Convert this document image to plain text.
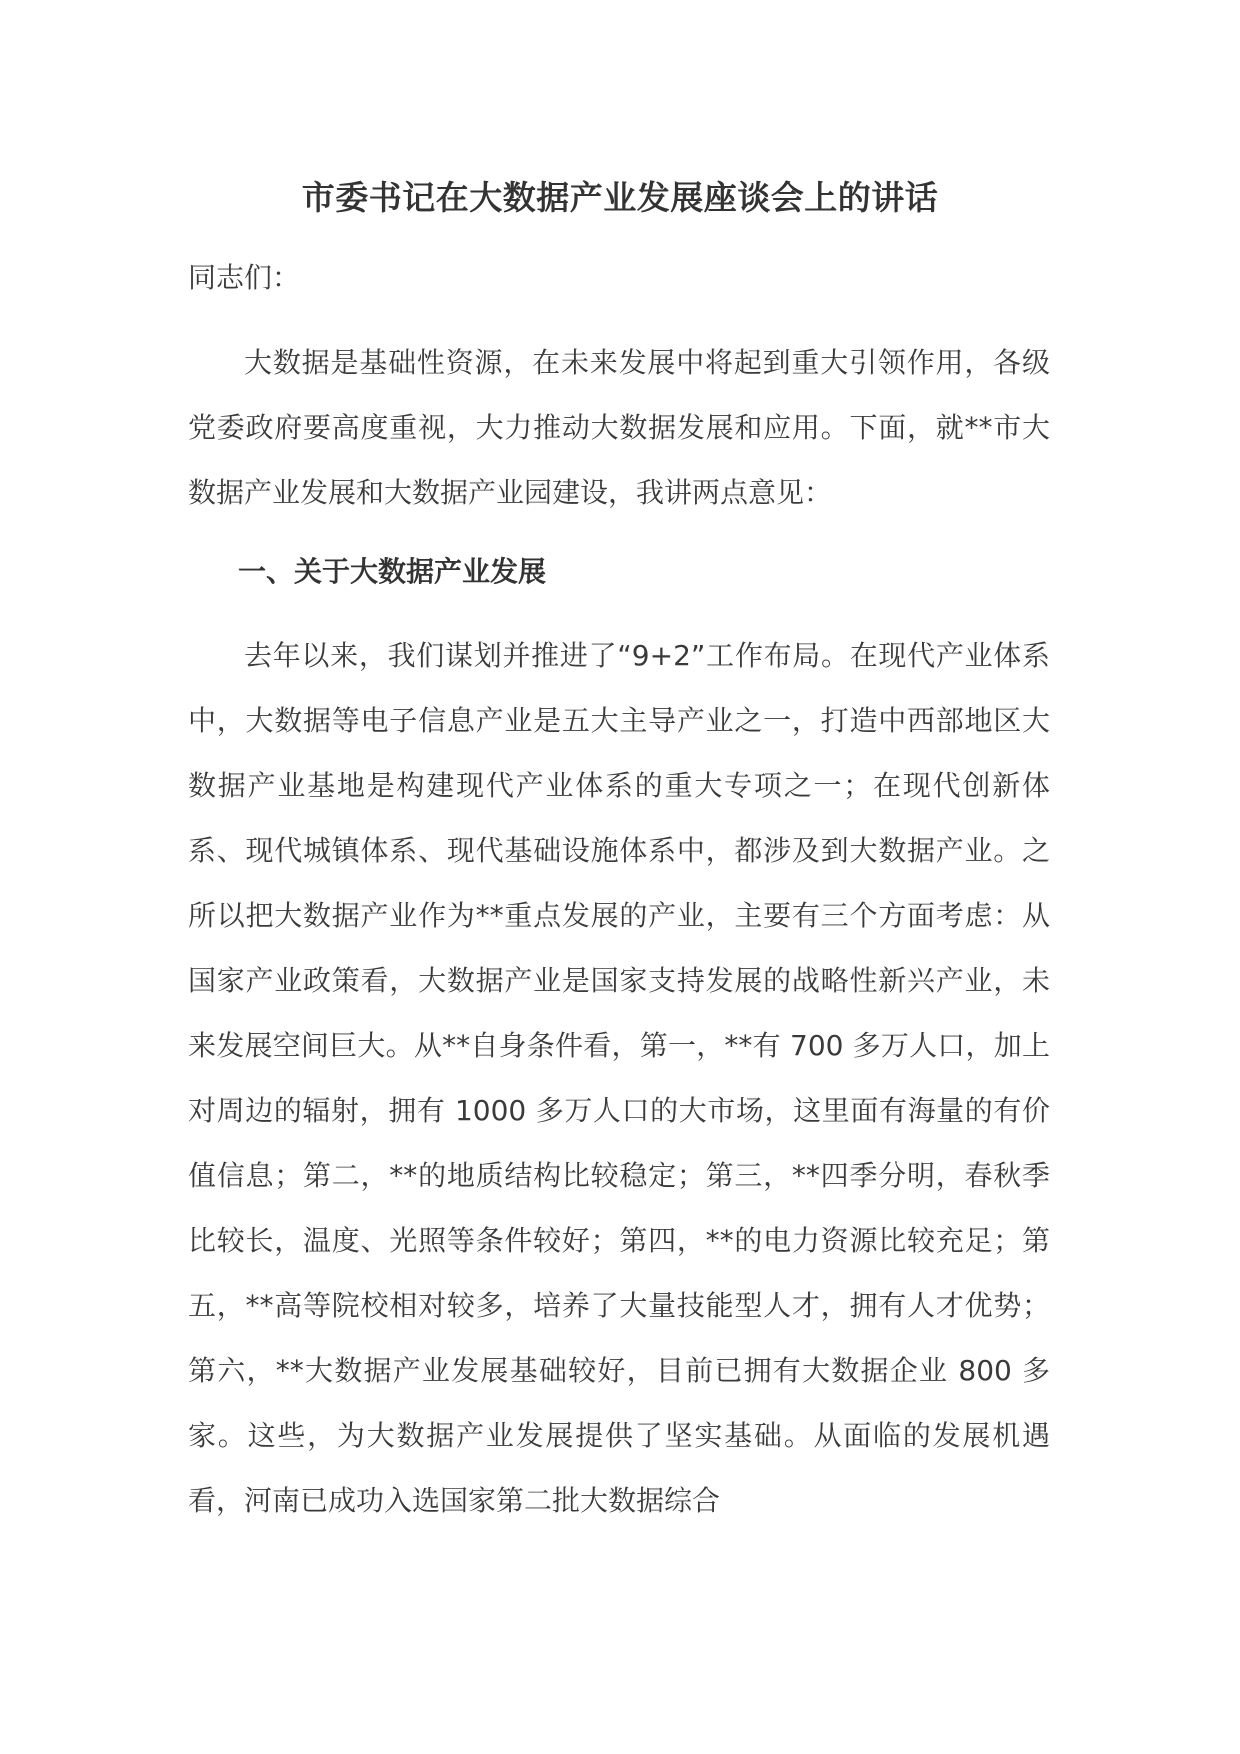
市委书记在大数据产业发展座谈会上的讲话
同志们：

大数据是基础性资源，在未来发展中将起到重大引领作用，各级党委政府要高度重视，大力推动大数据发展和应用。下面，就**市大数据产业发展和大数据产业园建设，我讲两点意见：

一、关于大数据产业发展

去年以来，我们谋划并推进了“9+2”工作布局。在现代产业体系中，大数据等电子信息产业是五大主导产业之一，打造中西部地区大数据产业基地是构建现代产业体系的重大专项之一；在现代创新体系、现代城镇体系、现代基础设施体系中，都涉及到大数据产业。之所以把大数据产业作为**重点发展的产业，主要有三个方面考虑：从国家产业政策看，大数据产业是国家支持发展的战略性新兴产业，未来发展空间巨大。从**自身条件看，第一，**有 700 多万人口，加上对周边的辐射，拥有 1000 多万人口的大市场，这里面有海量的有价值信息；第二，**的地质结构比较稳定；第三，**四季分明，春秋季比较长，温度、光照等条件较好；第四，**的电力资源比较充足；第五，**高等院校相对较多，培养了大量技能型人才，拥有人才优势；第六，**大数据产业发展基础较好，目前已拥有大数据企业 800 多家。这些，为大数据产业发展提供了坚实基础。从面临的发展机遇看，河南已成功入选国家第二批大数据综合
